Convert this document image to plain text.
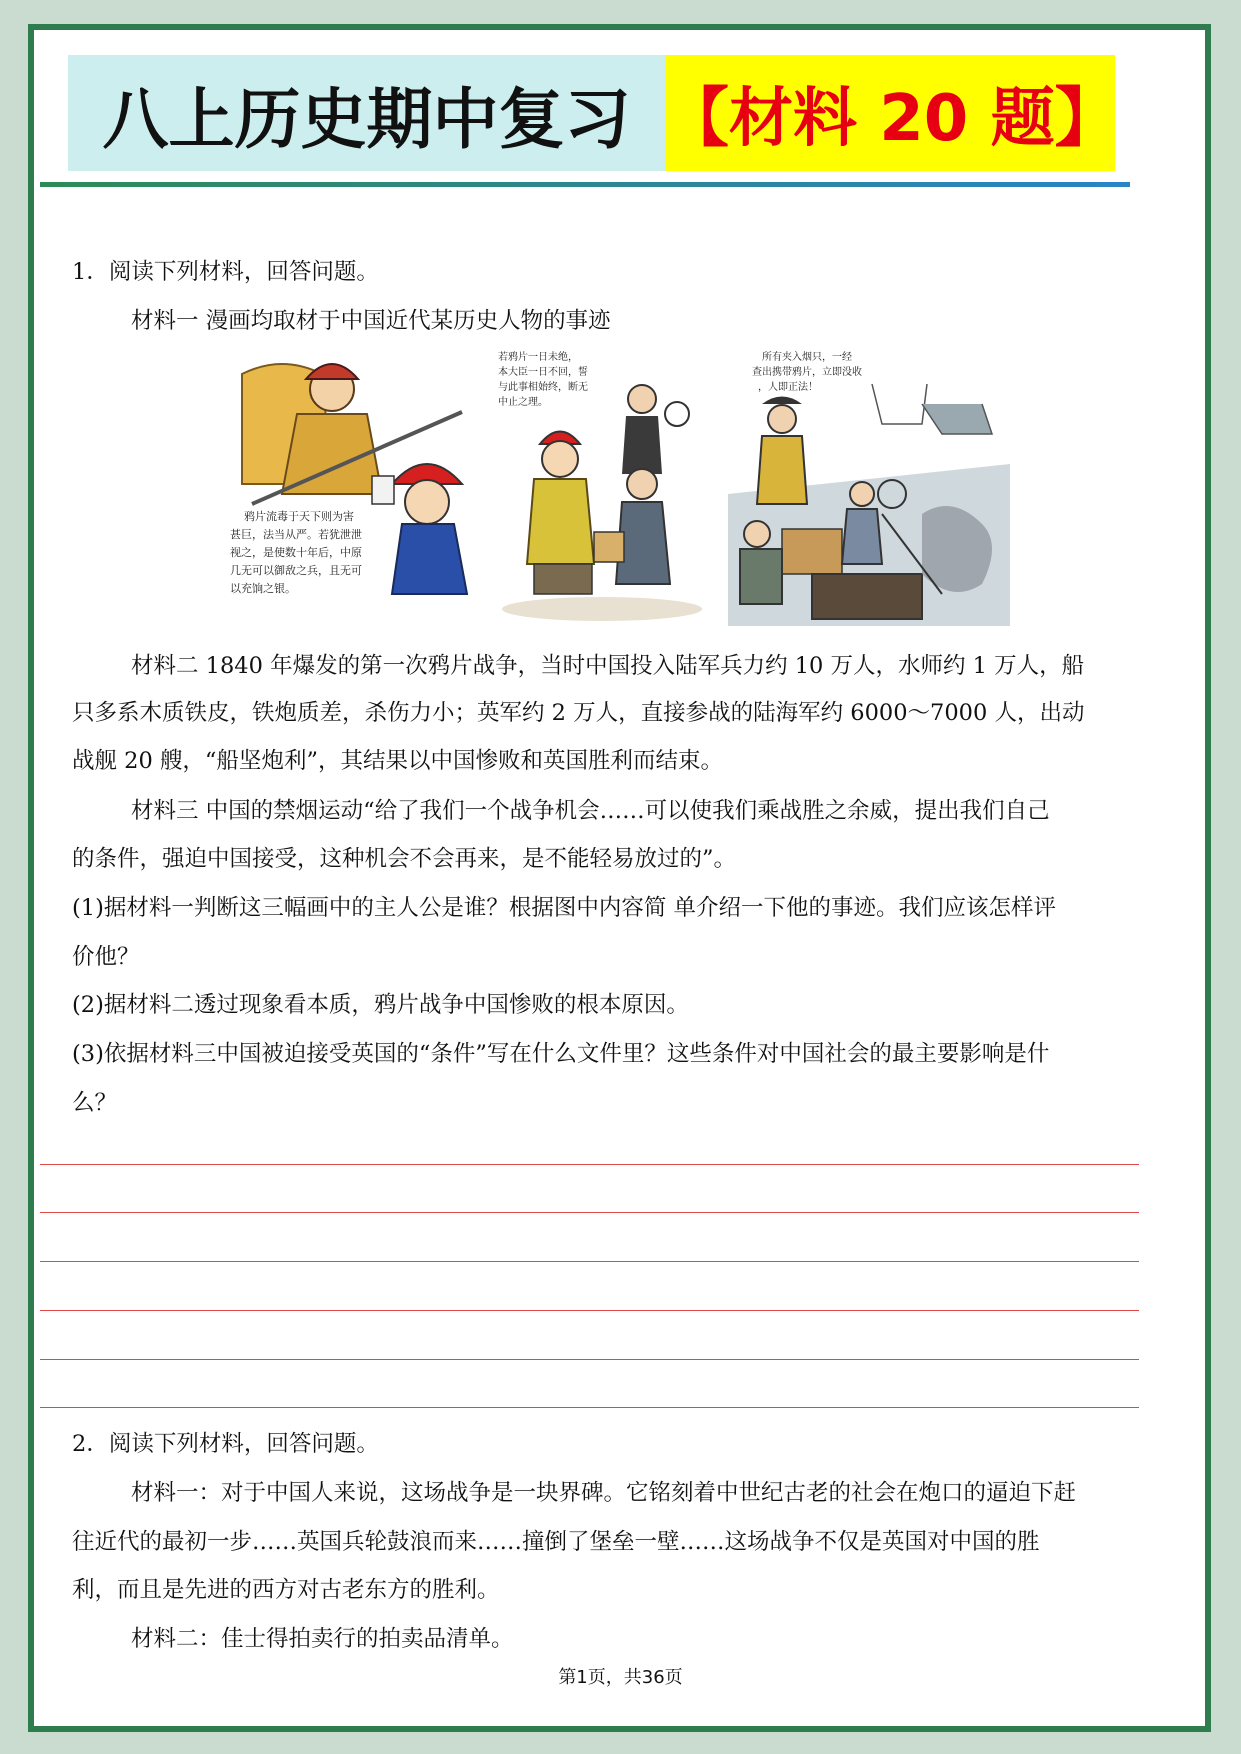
八上历史期中复习 【材料 20 题】
1．阅读下列材料，回答问题。
材料一 漫画均取材于中国近代某历史人物的事迹
鸦片流毒于天下则为害
甚巨，法当从严。若犹泄泄
视之，是使数十年后，中原
几无可以御敌之兵，且无可
以充饷之银。
若鸦片一日未绝，
本大臣一日不回，誓
与此事相始终，断无
中止之理。
所有夹入烟只，一经
查出携带鸦片，立即没收
，人即正法！
材料二 1840 年爆发的第一次鸦片战争，当时中国投入陆军兵力约 10 万人，水师约 1 万人，船
只多系木质铁皮，铁炮质差，杀伤力小；英军约 2 万人，直接参战的陆海军约 6000～7000 人，出动
战舰 20 艘，“船坚炮利”，其结果以中国惨败和英国胜利而结束。
材料三 中国的禁烟运动“给了我们一个战争机会……可以使我们乘战胜之余威，提出我们自己
的条件，强迫中国接受，这种机会不会再来，是不能轻易放过的”。
(1)据材料一判断这三幅画中的主人公是谁？根据图中内容简 单介绍一下他的事迹。我们应该怎样评
价他？
(2)据材料二透过现象看本质，鸦片战争中国惨败的根本原因。
(3)依据材料三中国被迫接受英国的“条件”写在什么文件里？这些条件对中国社会的最主要影响是什
么？
2．阅读下列材料，回答问题。
材料一：对于中国人来说，这场战争是一块界碑。它铭刻着中世纪古老的社会在炮口的逼迫下赶
往近代的最初一步……英国兵轮鼓浪而来……撞倒了堡垒一壁……这场战争不仅是英国对中国的胜
利，而且是先进的西方对古老东方的胜利。
材料二：佳士得拍卖行的拍卖品清单。
第1页，共36页
